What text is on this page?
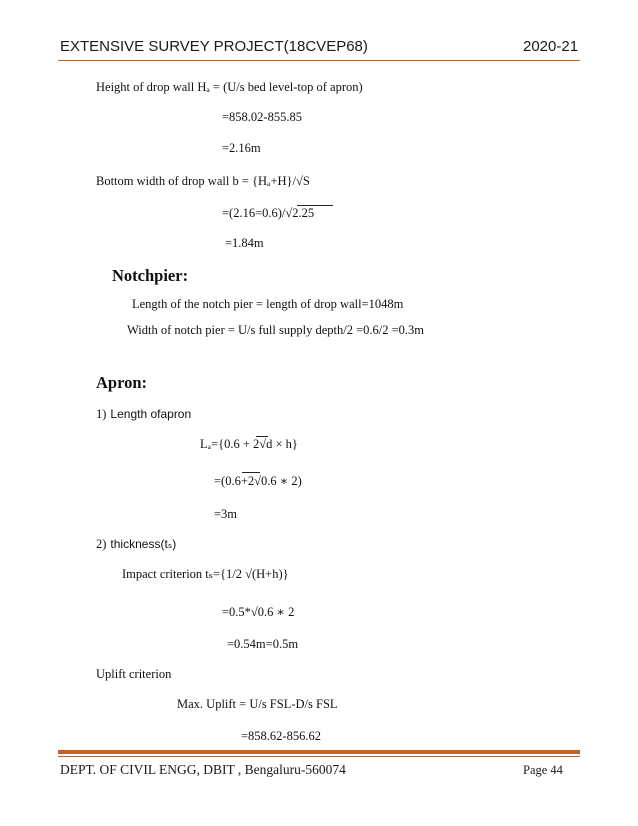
EXTENSIVE SURVEY PROJECT(18CVEP68)	2020-21
Height of drop wall Hₐ = (U/s bed level-top of apron)
=858.02-855.85
=2.16m
Bottom width of drop wall b = {Hₐ+H}/√S
=(2.16=0.6)/√2.25
=1.84m
Notchpier:
Length of the notch pier = length of drop wall=1048m
Width of notch pier = U/s full supply depth/2 =0.6/2 =0.3m
Apron:
1) Length ofapron
Lₐ={0.6 + 2√d × h}
=(0.6+2√0.6 ∗ 2)
=3m
2) thickness(tₛ)
Impact criterion tₛ={1/2 √(H+h)}
=0.5*√0.6 ∗ 2
=0.54m=0.5m
Uplift criterion
Max. Uplift = U/s FSL-D/s FSL
=858.62-856.62
DEPT. OF CIVIL ENGG, DBIT , Bengaluru-560074	Page 44
